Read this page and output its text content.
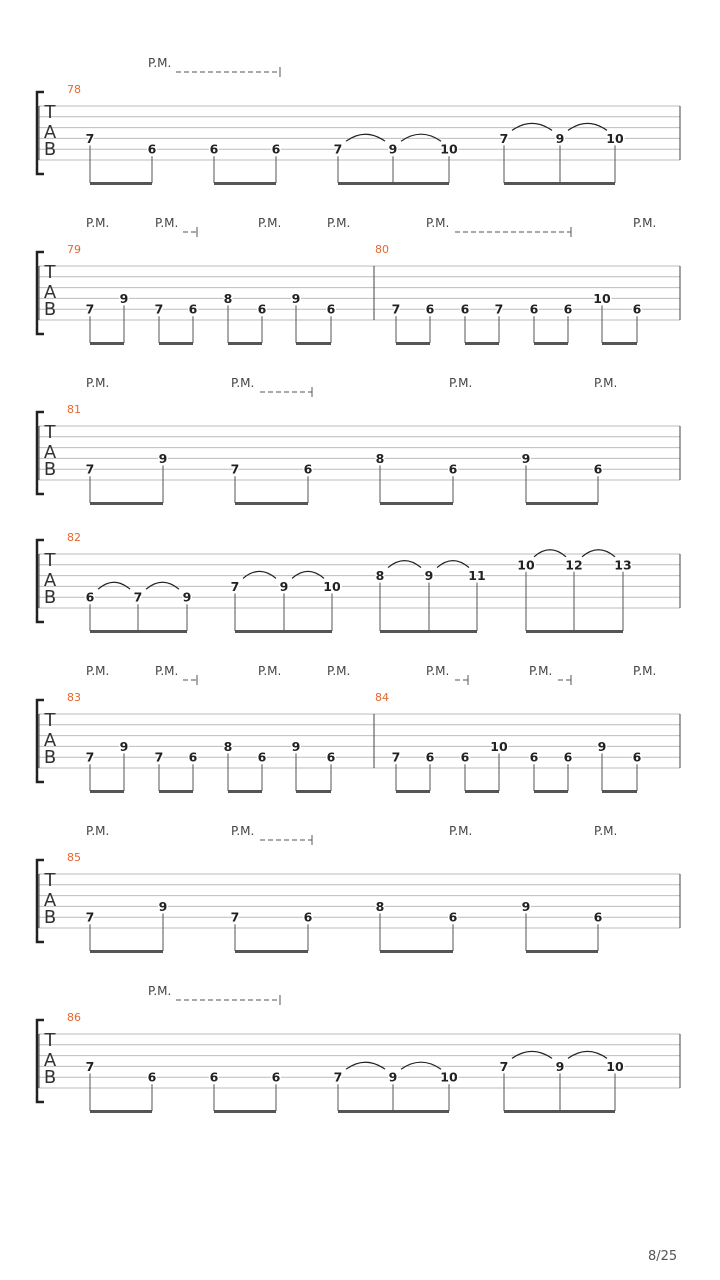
T
A
B
P.M.
78
7
6	6	6	7	9	10
7	9	10
T
A
B
P.M.	P.M.	P.M.	P.M.	P.M.	P.M.
79
7
9
7 6
8
6
9
6
80
7 6 6 7 6 6
10
6
T
A
B
P.M.	P.M.	P.M.	P.M.
81
7
9
7	6
8
6
9
6
T
A
B
82
6	7	9
7	9	10
8	9	11
10 12	13
T
A
B
P.M.	P.M.	P.M.	P.M.	P.M.	P.M.	P.M.
83
7
9
7 6
8
6
9
6
84
7 6 6
10
6 6
9
6
T
A
B
P.M.	P.M.	P.M.	P.M.
85
7
9
7	6
8
6
9
6
T
A
B
P.M.
86
7
6	6	6	7	9	10
7	9	10
8/25
